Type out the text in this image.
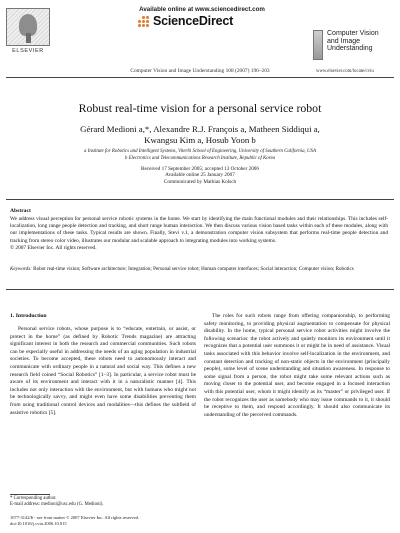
Available online at www.sciencedirect.com
ScienceDirect
ELSEVIER
Computer Vision and Image Understanding 108 (2007) 196–203
Computer Vision
and Image
Understanding
www.elsevier.com/locate/cviu
Robust real-time vision for a personal service robot
Gérard Medioni a,*, Alexandre R.J. François a, Matheen Siddiqui a,
Kwangsu Kim a, Hosub Yoon b
a Institute for Robotics and Intelligent Systems, Viterbi School of Engineering, University of Southern California, USA
b Electronics and Telecommunications Research Institute, Republic of Korea
Received 17 September 2005; accepted 13 October 2006
Available online 25 January 2007
Communicated by Mathias Kolsch
Abstract

We address visual perception for personal service robotic systems in the home. We start by identifying the main functional modules and their relationships. This includes self-localization, long range people detection and tracking, and short range human interaction. We then discuss various vision based tasks within each of these modules, along with our implementations of these tasks. Typical results are shown. Finally, Stevi v.1, a demonstration computer vision subsystem that performs real-time people detection and tracking from stereo color video, illustrates our modular and scalable approach to integrating modules into working systems.

© 2007 Elsevier Inc. All rights reserved.

Keywords: Robot real-time vision; Software architecture; Integration; Personal service robot; Human computer interfaces; Social interaction; Computer vision; Robotics
1. Introduction

Personal service robots, whose purpose is to “educate, entertain, or assist, or protect in the home” (as defined by Robotic Trends magazine) are attracting significant interest in both the research and commercial communities. Such robots can be especially useful in addressing the needs of an aging population in industrial societies. To become accepted, these robots need to autonomously interact and communicate with ordinary people in a natural and social way. This defines a new research field coined “Social Robotics” [1–3]. In particular, a service robot must be aware of its environment and interact with it in a naturalistic manner [4]. This includes not only interaction with the environment, but with humans who might not be technologically savvy, and might even have some disabilities preventing them from using traditional control devices and modalities—this defines the subfield of assistive robotics [5].

The roles for such robots range from offering companionship, to performing safety monitoring, to providing physical augmentation to compensate for physical disability. In the home, typical personal service robot activities might involve the following scenarios: the robot actively and quietly monitors its environment until it recognizes that a potential user summons it or might be in need of assistance. Visual tasks associated with this behavior involve self-localization in the environment, and constant detection and tracking of non-static objects in the environment (principally people), some level of scene understanding and situation awareness. In response to some signal from a person, the robot might take some relevant actions such as moving closer to the potential user, and become engaged in a focused interaction with this potential user, whom it might identify as its “master” or privileged user. If the robot recognizes the user as somebody who may issue commands to it, it should be receptive to them, and respond accordingly. It should also communicate its understanding of the perceived commands.

* Corresponding author.
E-mail address: medioni@usc.edu (G. Medioni).
1077-3142/$ - see front matter © 2007 Elsevier Inc. All rights reserved.
doi:10.1016/j.cviu.2006.10.015
